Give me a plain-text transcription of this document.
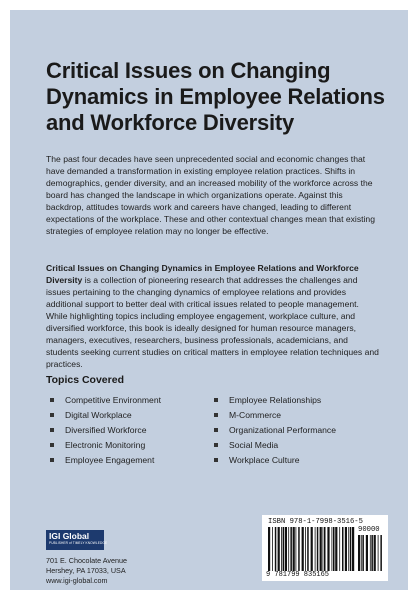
Critical Issues on Changing Dynamics in Employee Relations and Workforce Diversity

The past four decades have seen unprecedented social and economic changes that have demanded a transformation in existing employee relation practices. Shifts in demographics, gender diversity, and an increased mobility of the workforce across the board has changed the landscape in which organizations operate. Against this backdrop, attitudes towards work and careers have changed, leading to different expectations of the workplace. These and other contextual changes mean that existing strategies of employee relation may no longer be effective.

Critical Issues on Changing Dynamics in Employee Relations and Workforce Diversity is a collection of pioneering research that addresses the challenges and issues pertaining to the changing dynamics of employee relations and provides additional support to better deal with critical issues related to people management. While highlighting topics including employee engagement, workplace culture, and diversified workforce, this book is ideally designed for human resource managers, managers, executives, researchers, business professionals, academicians, and students seeking current studies on critical matters in employee relation techniques and practices.

Topics Covered
Competitive Environment
Digital Workplace
Diversified Workforce
Electronic Monitoring
Employee Engagement
Employee Relationships
M-Commerce
Organizational Performance
Social Media
Workplace Culture
IGI Global
PUBLISHER of TIMELY KNOWLEDGE
701 E. Chocolate Avenue
Hershey, PA 17033, USA
www.igi-global.com
ISBN 978-1-7998-3516-5
90000
9 781799 835165
